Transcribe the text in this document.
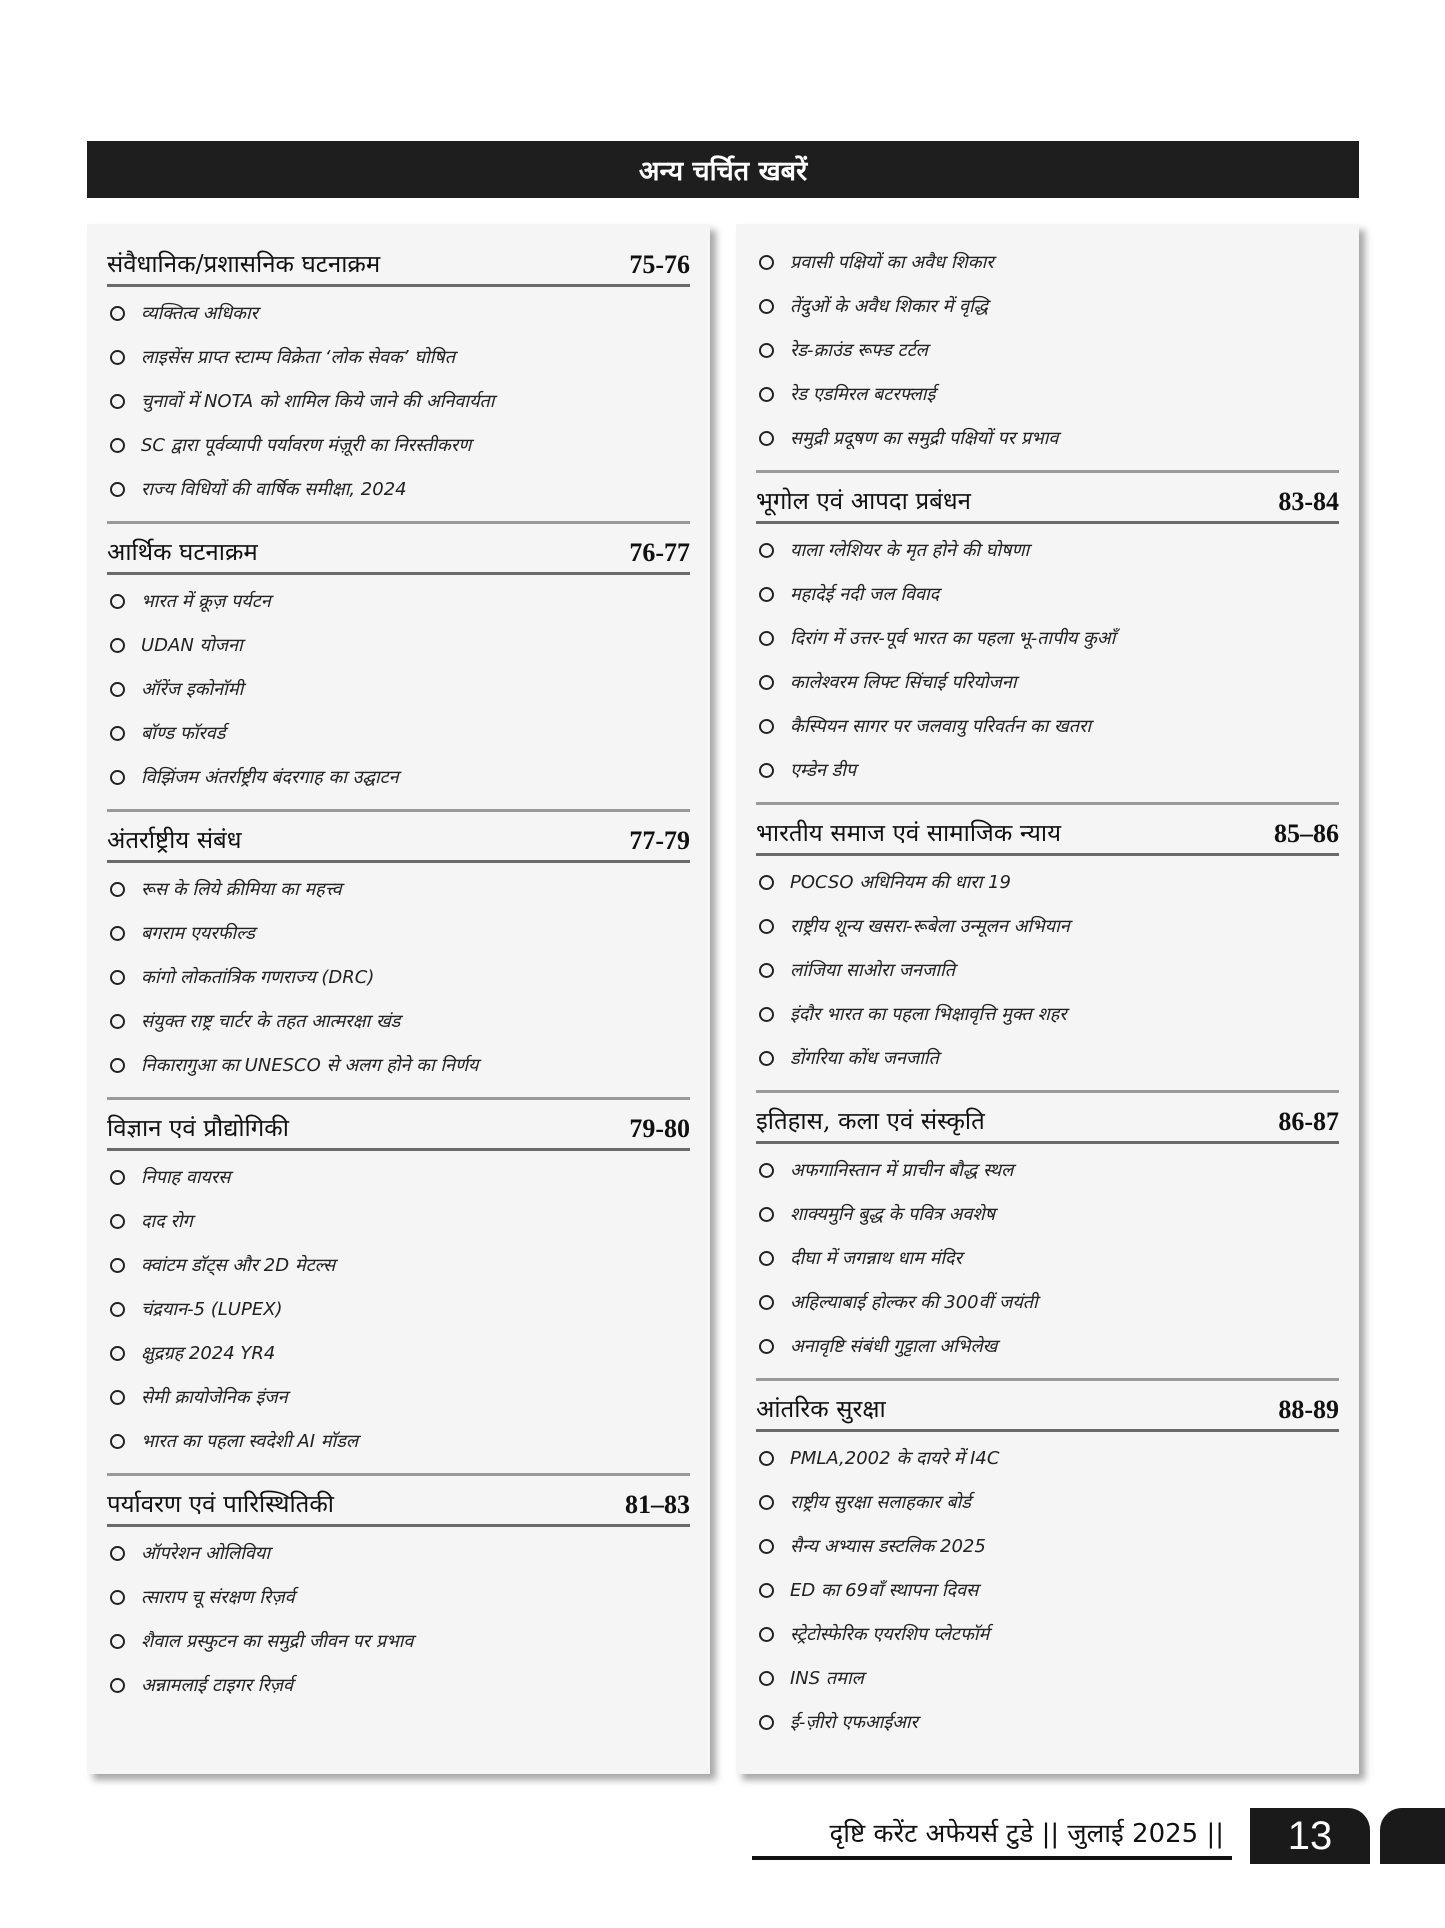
अन्य चर्चित खबरें
संवैधानिक/प्रशासनिक घटनाक्रम	75-76
व्यक्तित्व अधिकार
लाइसेंस प्राप्त स्टाम्प विक्रेता ‘लोक सेवक’ घोषित
चुनावों में NOTA को शामिल किये जाने की अनिवार्यता
SC द्वारा पूर्वव्यापी पर्यावरण मंज़ूरी का निरस्तीकरण
राज्य विधियों की वार्षिक समीक्षा, 2024
आर्थिक घटनाक्रम	76-77
भारत में क्रूज़ पर्यटन
UDAN योजना
ऑरेंज इकोनॉमी
बॉण्ड फॉरवर्ड
विझिंजम अंतर्राष्ट्रीय बंदरगाह का उद्घाटन
अंतर्राष्ट्रीय संबंध	77-79
रूस के लिये क्रीमिया का महत्त्व
बगराम एयरफील्ड
कांगो लोकतांत्रिक गणराज्य (DRC)
संयुक्त राष्ट्र चार्टर के तहत आत्मरक्षा खंड
निकारागुआ का UNESCO से अलग होने का निर्णय
विज्ञान एवं प्रौद्योगिकी	79-80
निपाह वायरस
दाद रोग
क्वांटम डॉट्स और 2D मेटल्स
चंद्रयान-5 (LUPEX)
क्षुद्रग्रह 2024 YR4
सेमी क्रायोजेनिक इंजन
भारत का पहला स्वदेशी AI मॉडल
पर्यावरण एवं पारिस्थितिकी	81–83
ऑपरेशन ओलिविया
त्साराप चू संरक्षण रिज़र्व
शैवाल प्रस्फुटन का समुद्री जीवन पर प्रभाव
अन्नामलाई टाइगर रिज़र्व
प्रवासी पक्षियों का अवैध शिकार
तेंदुओं के अवैध शिकार में वृद्धि
रेड-क्राउंड रूफ्ड टर्टल
रेड एडमिरल बटरफ्लाई
समुद्री प्रदूषण का समुद्री पक्षियों पर प्रभाव
भूगोल एवं आपदा प्रबंधन	83-84
याला ग्लेशियर के मृत होने की घोषणा
महादेई नदी जल विवाद
दिरांग में उत्तर-पूर्व भारत का पहला भू-तापीय कुआँ
कालेश्वरम लिफ्ट सिंचाई परियोजना
कैस्पियन सागर पर जलवायु परिवर्तन का खतरा
एम्डेन डीप
भारतीय समाज एवं सामाजिक न्याय	85–86
POCSO अधिनियम की धारा 19
राष्ट्रीय शून्य खसरा-रूबेला उन्मूलन अभियान
लांजिया साओरा जनजाति
इंदौर भारत का पहला भिक्षावृत्ति मुक्त शहर
डोंगरिया कोंध जनजाति
इतिहास, कला एवं संस्कृति	86-87
अफगानिस्तान में प्राचीन बौद्ध स्थल
शाक्यमुनि बुद्ध के पवित्र अवशेष
दीघा में जगन्नाथ धाम मंदिर
अहिल्याबाई होल्कर की 300वीं जयंती
अनावृष्टि संबंधी गुट्टाला अभिलेख
आंतरिक सुरक्षा	88-89
PMLA,2002 के दायरे में I4C
राष्ट्रीय सुरक्षा सलाहकार बोर्ड
सैन्य अभ्यास डस्टलिक 2025
ED का 69वाँ स्थापना दिवस
स्ट्रेटोस्फेरिक एयरशिप प्लेटफॉर्म
INS तमाल
ई-ज़ीरो एफआईआर
दृष्टि करेंट अफेयर्स टुडे || जुलाई 2025 ||	13
